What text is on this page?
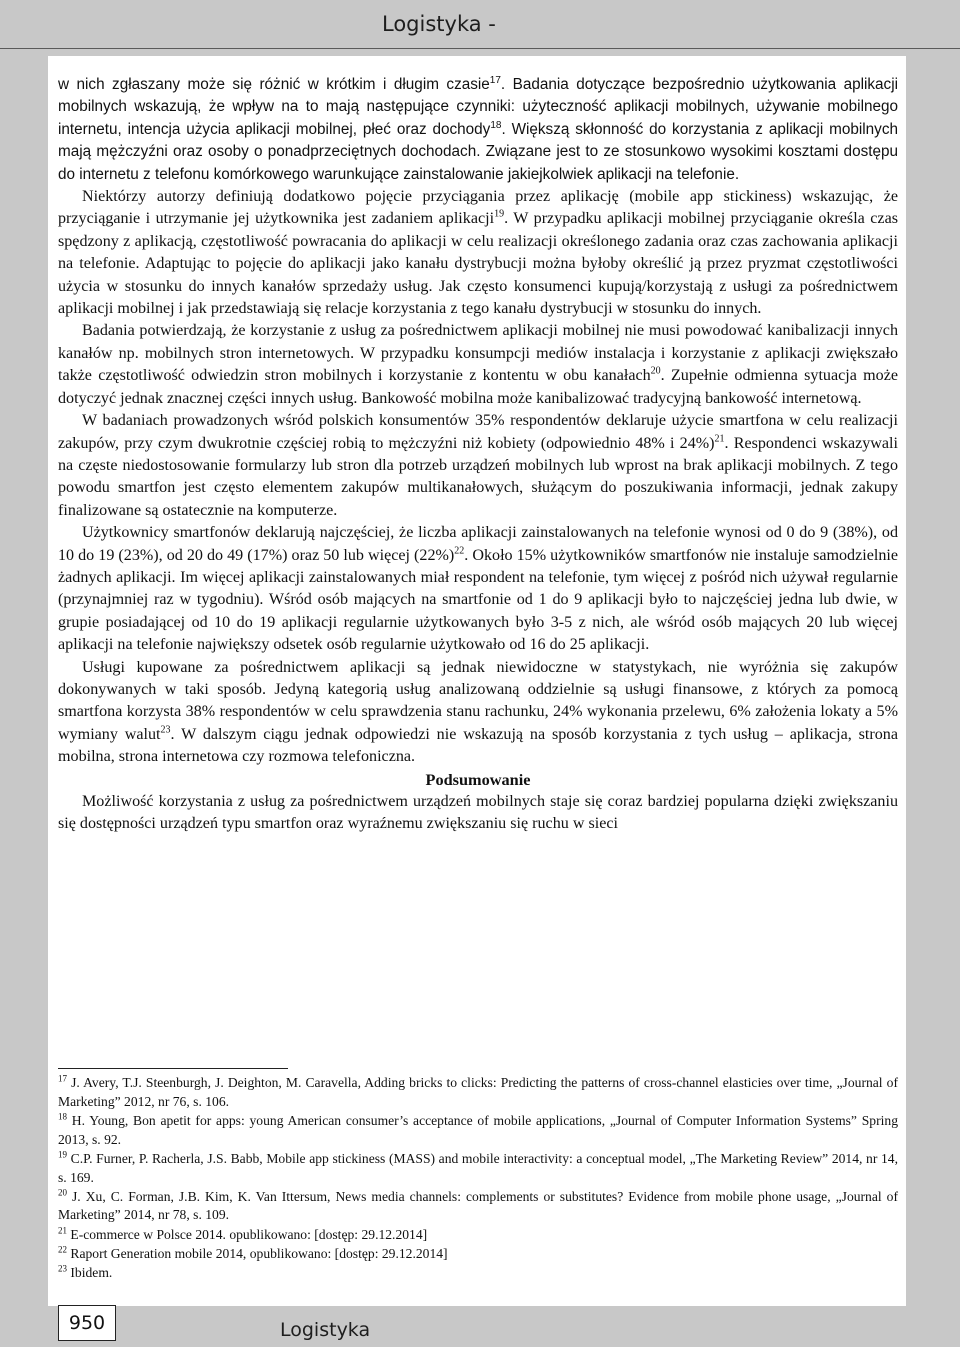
Logistyka -

w nich zgłaszany może się różnić w krótkim i długim czasie$^{17}$. Badania dotyczące bezpośrednio użytkowania aplikacji mobilnych wskazują, że wpływ na to mają następujące czynniki: użyteczność aplikacji mobilnych, używanie mobilnego internetu, intencja użycia aplikacji mobilnej, płeć oraz dochody$^{18}$. Większą skłonność do korzystania z aplikacji mobilnych mają mężczyźni oraz osoby o ponadprzeciętnych dochodach. Związane jest to ze stosunkowo wysokimi kosztami dostępu do internetu z telefonu komórkowego warunkujące zainstalowanie jakiejkolwiek aplikacji na telefonie.

Niektórzy autorzy definiują dodatkowo pojęcie przyciągania przez aplikację (mobile app stickiness) wskazując, że przyciąganie i utrzymanie jej użytkownika jest zadaniem aplikacji$^{19}$. W przypadku aplikacji mobilnej przyciąganie określa czas spędzony z aplikacją, częstotliwość powracania do aplikacji w celu realizacji określonego zadania oraz czas zachowania aplikacji na telefonie. Adaptując to pojęcie do aplikacji jako kanału dystrybucji można byłoby określić ją przez pryzmat częstotliwości użycia w stosunku do innych kanałów sprzedaży usług. Jak często konsumenci kupują/korzystają z usługi za pośrednictwem aplikacji mobilnej i jak przedstawiają się relacje korzystania z tego kanału dystrybucji w stosunku do innych.

Badania potwierdzają, że korzystanie z usług za pośrednictwem aplikacji mobilnej nie musi powodować kanibalizacji innych kanałów np. mobilnych stron internetowych. W przypadku konsumpcji mediów instalacja i korzystanie z aplikacji zwiększało także częstotliwość odwiedzin stron mobilnych i korzystanie z kontentu w obu kanałach$^{20}$. Zupełnie odmienna sytuacja może dotyczyć jednak znacznej części innych usług. Bankowość mobilna może kanibalizować tradycyjną bankowość internetową.

W badaniach prowadzonych wśród polskich konsumentów 35% respondentów deklaruje użycie smartfona w celu realizacji zakupów, przy czym dwukrotnie częściej robią to mężczyźni niż kobiety (odpowiednio 48% i 24%)$^{21}$. Respondenci wskazywali na częste niedostosowanie formularzy lub stron dla potrzeb urządzeń mobilnych lub wprost na brak aplikacji mobilnych. Z tego powodu smartfon jest często elementem zakupów multikanałowych, służącym do poszukiwania informacji, jednak zakupy finalizowane są ostatecznie na komputerze.

Użytkownicy smartfonów deklarują najczęściej, że liczba aplikacji zainstalowanych na telefonie wynosi od 0 do 9 (38%), od 10 do 19 (23%), od 20 do 49 (17%) oraz 50 lub więcej $(22\%)^{22}$. Około 15% użytkowników smartfonów nie instaluje samodzielnie żadnych aplikacji. Im więcej aplikacji zainstalowanych miał respondent na telefonie, tym więcej z pośród nich używał regularnie (przynajmniej raz w tygodniu). Wśród osób mających na smartfonie od 1 do 9 aplikacji było to najczęściej jedna lub dwie, w grupie posiadającej od 10 do 19 aplikacji regularnie użytkowanych było 3-5 z nich, ale wśród osób mających 20 lub więcej aplikacji na telefonie największy odsetek osób regularnie użytkowało od 16 do 25 aplikacji.

Usługi kupowane za pośrednictwem aplikacji są jednak niewidoczne w statystykach, nie wyróżnia się zakupów dokonywanych w taki sposób. Jedyną kategorią usług analizowaną oddzielnie są usługi finansowe, z których za pomocą smartfona korzysta 38% respondentów w celu sprawdzenia stanu rachunku, 24% wykonania przelewu, 6% założenia lokaty a 5% wymiany walut$^{23}$. W dalszym ciągu jednak odpowiedzi nie wskazują na sposób korzystania z tych usług – aplikacja, strona mobilna, strona internetowa czy rozmowa telefoniczna.

Podsumowanie

Możliwość korzystania z usług za pośrednictwem urządzeń mobilnych staje się coraz bardziej popularna dzięki zwiększaniu się dostępności urządzeń typu smartfon oraz wyraźnemu zwiększaniu się ruchu w sieci

$^{17}$ J. Avery, T.J. Steenburgh, J. Deighton, M. Caravella, Adding bricks to clicks: Predicting the patterns of cross-channel elasticies over time, „Journal of Marketing” 2012, nr 76, s. 106.

$^{18}$ H. Young, Bon apetit for apps: young American consumer’s acceptance of mobile applications, „Journal of Computer Information Systems” Spring 2013, s. 92.

$^{19}$ C.P. Furner, P. Racherla, J.S. Babb, Mobile app stickiness (MASS) and mobile interactivity: a conceptual model, „The Marketing Review” 2014, nr 14, s. 169.

$^{20}$ J. Xu, C. Forman, J.B. Kim, K. Van Ittersum, News media channels: complements or substitutes? Evidence from mobile phone usage, „Journal of Marketing” 2014, nr 78, s. 109.

$^{21}$ E-commerce w Polsce 2014. opublikowano: [dostęp: 29.12.2014]

$^{22}$ Raport Generation mobile 2014, opublikowano: [dostęp: 29.12.2014]

$^{23}$ Ibidem.

950	Logistyka
